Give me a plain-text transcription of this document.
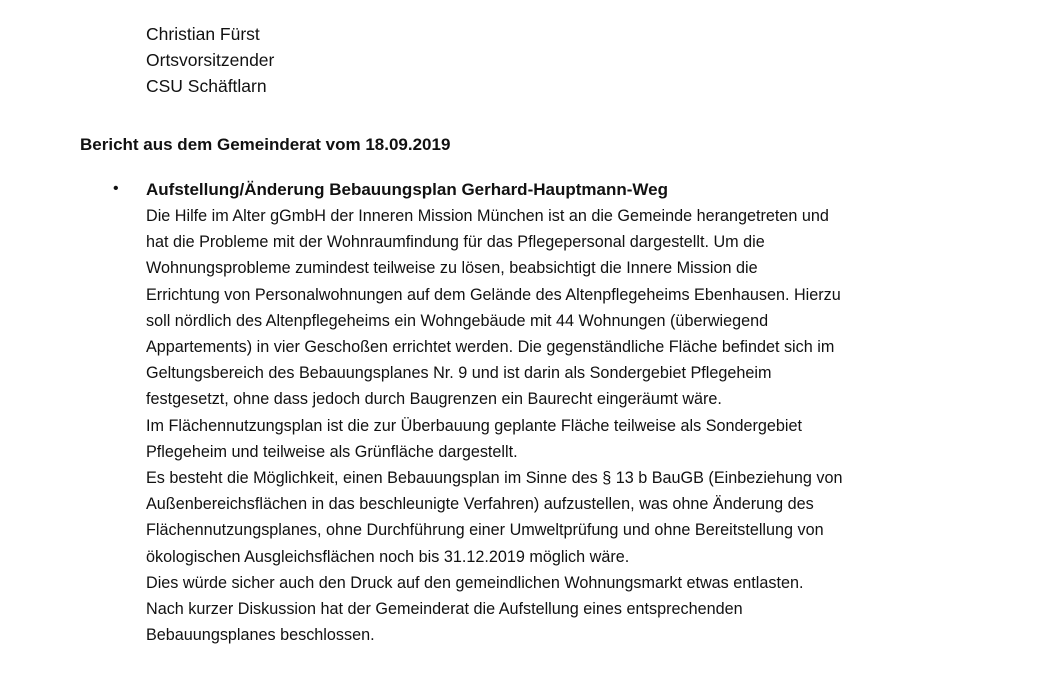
Christian Fürst
Ortsvorsitzender
CSU Schäftlarn
Bericht aus dem Gemeinderat vom 18.09.2019
• Aufstellung/Änderung Bebauungsplan Gerhard-Hauptmann-Weg
Die Hilfe im Alter gGmbH der Inneren Mission München ist an die Gemeinde herangetreten und
hat die Probleme mit der Wohnraumfindung für das Pflegepersonal dargestellt. Um die
Wohnungsprobleme zumindest teilweise zu lösen, beabsichtigt die Innere Mission die
Errichtung von Personalwohnungen auf dem Gelände des Altenpflegeheims Ebenhausen. Hierzu
soll nördlich des Altenpflegeheims ein Wohngebäude mit 44 Wohnungen (überwiegend
Appartements) in vier Geschoßen errichtet werden. Die gegenständliche Fläche befindet sich im
Geltungsbereich des Bebauungsplanes Nr. 9 und ist darin als Sondergebiet Pflegeheim
festgesetzt, ohne dass jedoch durch Baugrenzen ein Baurecht eingeräumt wäre.
Im Flächennutzungsplan ist die zur Überbauung geplante Fläche teilweise als Sondergebiet
Pflegeheim und teilweise als Grünfläche dargestellt.
Es besteht die Möglichkeit, einen Bebauungsplan im Sinne des § 13 b BauGB (Einbeziehung von
Außenbereichsflächen in das beschleunigte Verfahren) aufzustellen, was ohne Änderung des
Flächennutzungsplanes, ohne Durchführung einer Umweltprüfung und ohne Bereitstellung von
ökologischen Ausgleichsflächen noch bis 31.12.2019 möglich wäre.
Dies würde sicher auch den Druck auf den gemeindlichen Wohnungsmarkt etwas entlasten.
Nach kurzer Diskussion hat der Gemeinderat die Aufstellung eines entsprechenden
Bebauungsplanes beschlossen.
